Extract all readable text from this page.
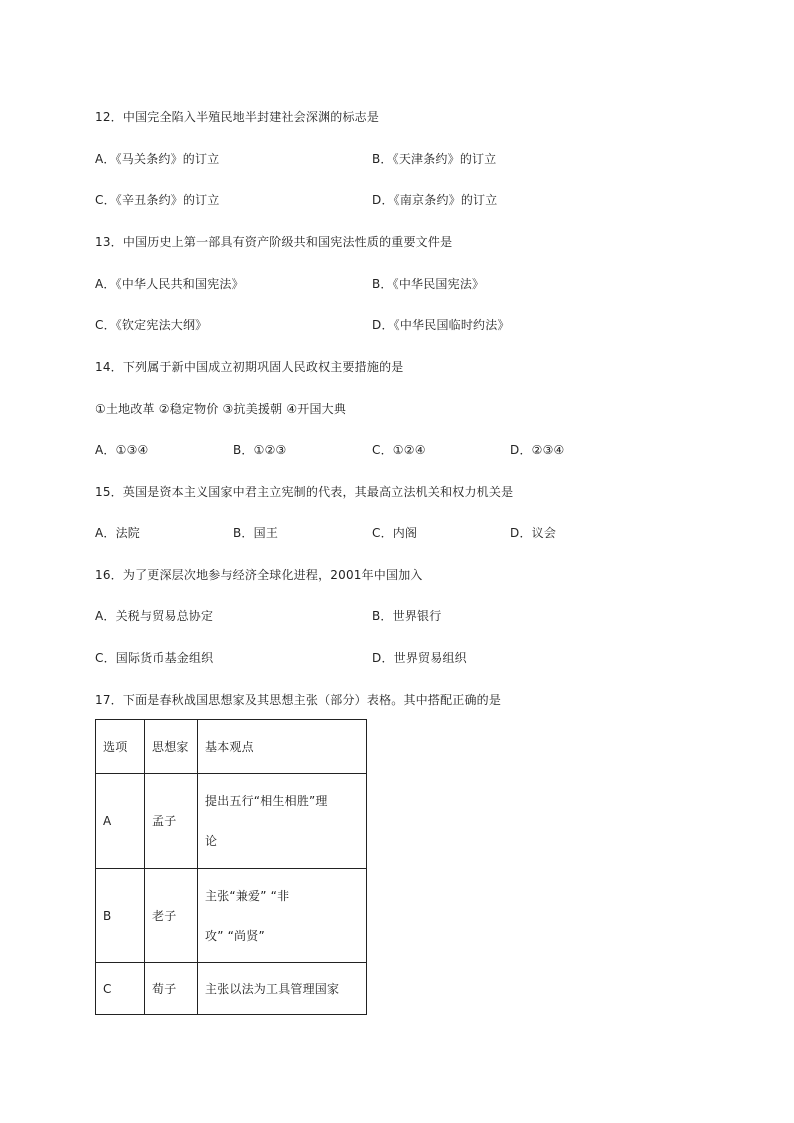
12．中国完全陷入半殖民地半封建社会深渊的标志是
A．《马关条约》的订立	B．《天津条约》的订立
C．《辛丑条约》的订立	D．《南京条约》的订立
13．中国历史上第一部具有资产阶级共和国宪法性质的重要文件是
A．《中华人民共和国宪法》	B．《中华民国宪法》
C．《钦定宪法大纲》	D．《中华民国临时约法》
14．下列属于新中国成立初期巩固人民政权主要措施的是
①土地改革 ②稳定物价 ③抗美援朝 ④开国大典
A．①③④	B．①②③	C．①②④	D．②③④
15．英国是资本主义国家中君主立宪制的代表，其最高立法机关和权力机关是
A．法院	B．国王	C．内阁	D．议会
16．为了更深层次地参与经济全球化进程，2001年中国加入
A．关税与贸易总协定	B．世界银行
C．国际货币基金组织	D．世界贸易组织
17．下面是春秋战国思想家及其思想主张（部分）表格。其中搭配正确的是
选项	思想家	基本观点
A	孟子	提出五行“相生相胜”理
论

B	老子	主张“兼爱” “非
攻” “尚贤”

C	荀子	主张以法为工具管理国家
